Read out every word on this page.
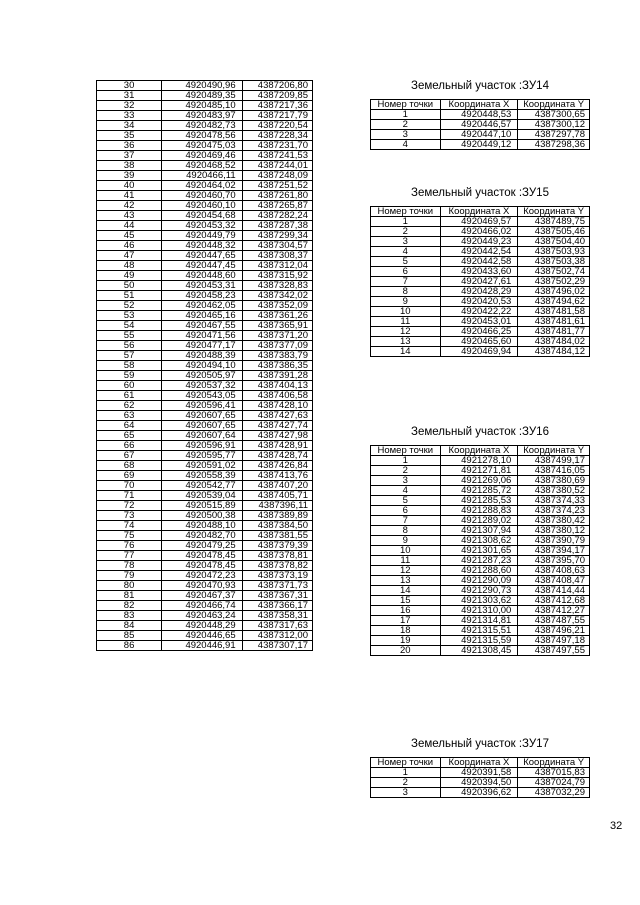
30	4920490,96	4387206,80
31	4920489,35	4387209,85
32	4920485,10	4387217,36
33	4920483,97	4387217,79
34	4920482,73	4387220,54
35	4920478,56	4387228,34
36	4920475,03	4387231,70
37	4920469,46	4387241,53
38	4920468,52	4387244,01
39	4920466,11	4387248,09
40	4920464,02	4387251,52
41	4920460,70	4387261,80
42	4920460,10	4387265,87
43	4920454,68	4387282,24
44	4920453,32	4387287,38
45	4920449,79	4387299,34
46	4920448,32	4387304,57
47	4920447,65	4387308,37
48	4920447,45	4387312,04
49	4920448,60	4387315,92
50	4920453,31	4387328,83
51	4920458,23	4387342,02
52	4920462,05	4387352,09
53	4920465,16	4387361,26
54	4920467,55	4387365,91
55	4920471,56	4387371,20
56	4920477,17	4387377,09
57	4920488,39	4387383,79
58	4920494,10	4387386,35
59	4920505,97	4387391,28
60	4920537,32	4387404,13
61	4920543,05	4387406,58
62	4920596,41	4387428,10
63	4920607,65	4387427,63
64	4920607,65	4387427,74
65	4920607,64	4387427,98
66	4920596,91	4387428,91
67	4920595,77	4387428,74
68	4920591,02	4387426,84
69	4920558,39	4387413,76
70	4920542,77	4387407,20
71	4920539,04	4387405,71
72	4920515,89	4387396,11
73	4920500,38	4387389,89
74	4920488,10	4387384,50
75	4920482,70	4387381,55
76	4920479,25	4387379,39
77	4920478,45	4387378,81
78	4920478,45	4387378,82
79	4920472,23	4387373,19
80	4920470,93	4387371,73
81	4920467,37	4387367,31
82	4920466,74	4387366,17
83	4920463,24	4387358,31
84	4920448,29	4387317,63
85	4920446,65	4387312,00
86	4920446,91	4387307,17
Земельный участок :ЗУ14
Номер точки	Координата X	Координата Y
1	4920448,53	4387300,65
2	4920446,57	4387300,12
3	4920447,10	4387297,78
4	4920449,12	4387298,36
Земельный участок :ЗУ15
Номер точки	Координата X	Координата Y
1	4920469,57	4387489,75
2	4920466,02	4387505,46
3	4920449,23	4387504,40
4	4920442,54	4387503,93
5	4920442,58	4387503,38
6	4920433,60	4387502,74
7	4920427,61	4387502,29
8	4920428,29	4387496,02
9	4920420,53	4387494,62
10	4920422,22	4387481,58
11	4920453,01	4387481,61
12	4920466,25	4387481,77
13	4920465,60	4387484,02
14	4920469,94	4387484,12
Земельный участок :ЗУ16
Номер точки	Координата X	Координата Y
1	4921278,10	4387499,17
2	4921271,81	4387416,05
3	4921269,06	4387380,69
4	4921285,72	4387380,52
5	4921285,53	4387374,33
6	4921288,83	4387374,23
7	4921289,02	4387380,42
8	4921307,94	4387380,12
9	4921308,62	4387390,79
10	4921301,65	4387394,17
11	4921287,23	4387395,70
12	4921288,60	4387408,63
13	4921290,09	4387408,47
14	4921290,73	4387414,44
15	4921303,62	4387412,68
16	4921310,00	4387412,27
17	4921314,81	4387487,55
18	4921315,51	4387496,21
19	4921315,59	4387497,18
20	4921308,45	4387497,55
Земельный участок :ЗУ17
Номер точки	Координата X	Координата Y
1	4920391,58	4387015,83
2	4920394,50	4387024,79
3	4920396,62	4387032,29
32
